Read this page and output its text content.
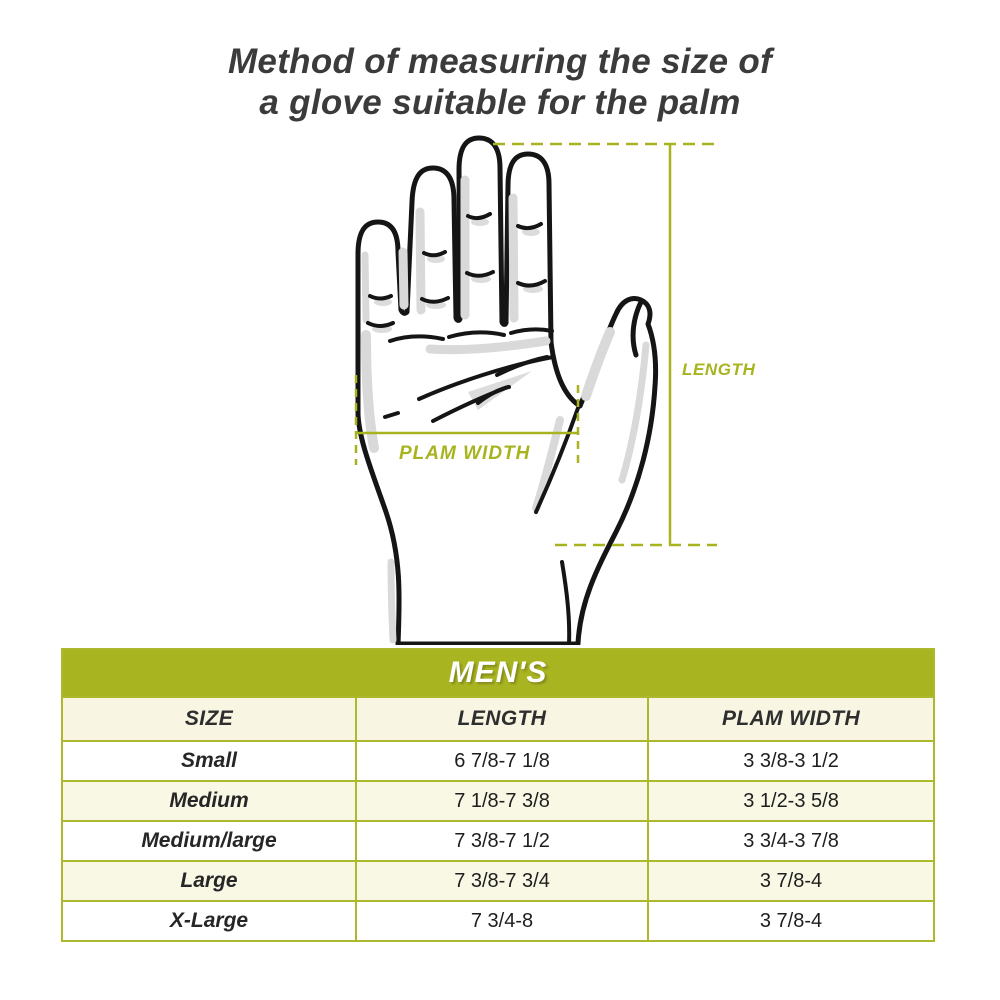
Method of measuring the size of
a glove suitable for the palm
LENGTH
PLAM WIDTH
MEN'S		
SIZE	LENGTH	PLAM WIDTH
Small	6 7/8-7 1/8	3 3/8-3 1/2
Medium	7 1/8-7 3/8	3 1/2-3 5/8
Medium/large	7 3/8-7 1/2	3 3/4-3 7/8
Large	7 3/8-7 3/4	3 7/8-4
X-Large	7 3/4-8	3 7/8-4
